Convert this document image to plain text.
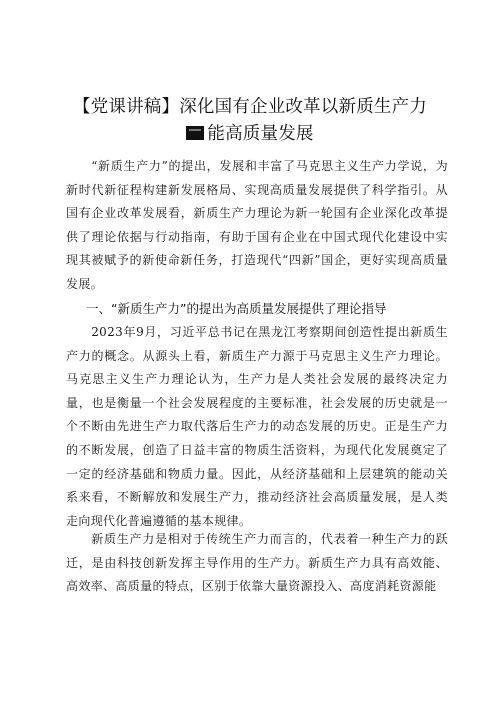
【党课讲稿】深化国有企业改革以新质生产力
能高质量发展
“新质生产力”的提出，发展和丰富了马克思主义生产力学说，为新时代新征程构建新发展格局、实现高质量发展提供了科学指引。从国有企业改革发展看，新质生产力理论为新一轮国有企业深化改革提供了理论依据与行动指南，有助于国有企业在中国式现代化建设中实现其被赋予的新使命新任务，打造现代“四新”国企，更好实现高质量发展。
一、“新质生产力”的提出为高质量发展提供了理论指导
2023年9月，习近平总书记在黑龙江考察期间创造性提出新质生产力的概念。从源头上看，新质生产力源于马克思主义生产力理论。马克思主义生产力理论认为，生产力是人类社会发展的最终决定力量，也是衡量一个社会发展程度的主要标准，社会发展的历史就是一个不断由先进生产力取代落后生产力的动态发展的历史。正是生产力的不断发展，创造了日益丰富的物质生活资料，为现代化发展奠定了一定的经济基础和物质力量。因此，从经济基础和上层建筑的能动关系来看，不断解放和发展生产力，推动经济社会高质量发展，是人类走向现代化普遍遵循的基本规律。
新质生产力是相对于传统生产力而言的，代表着一种生产力的跃迁，是由科技创新发挥主导作用的生产力。新质生产力具有高效能、高效率、高质量的特点，区别于依靠大量资源投入、高度消耗资源能
